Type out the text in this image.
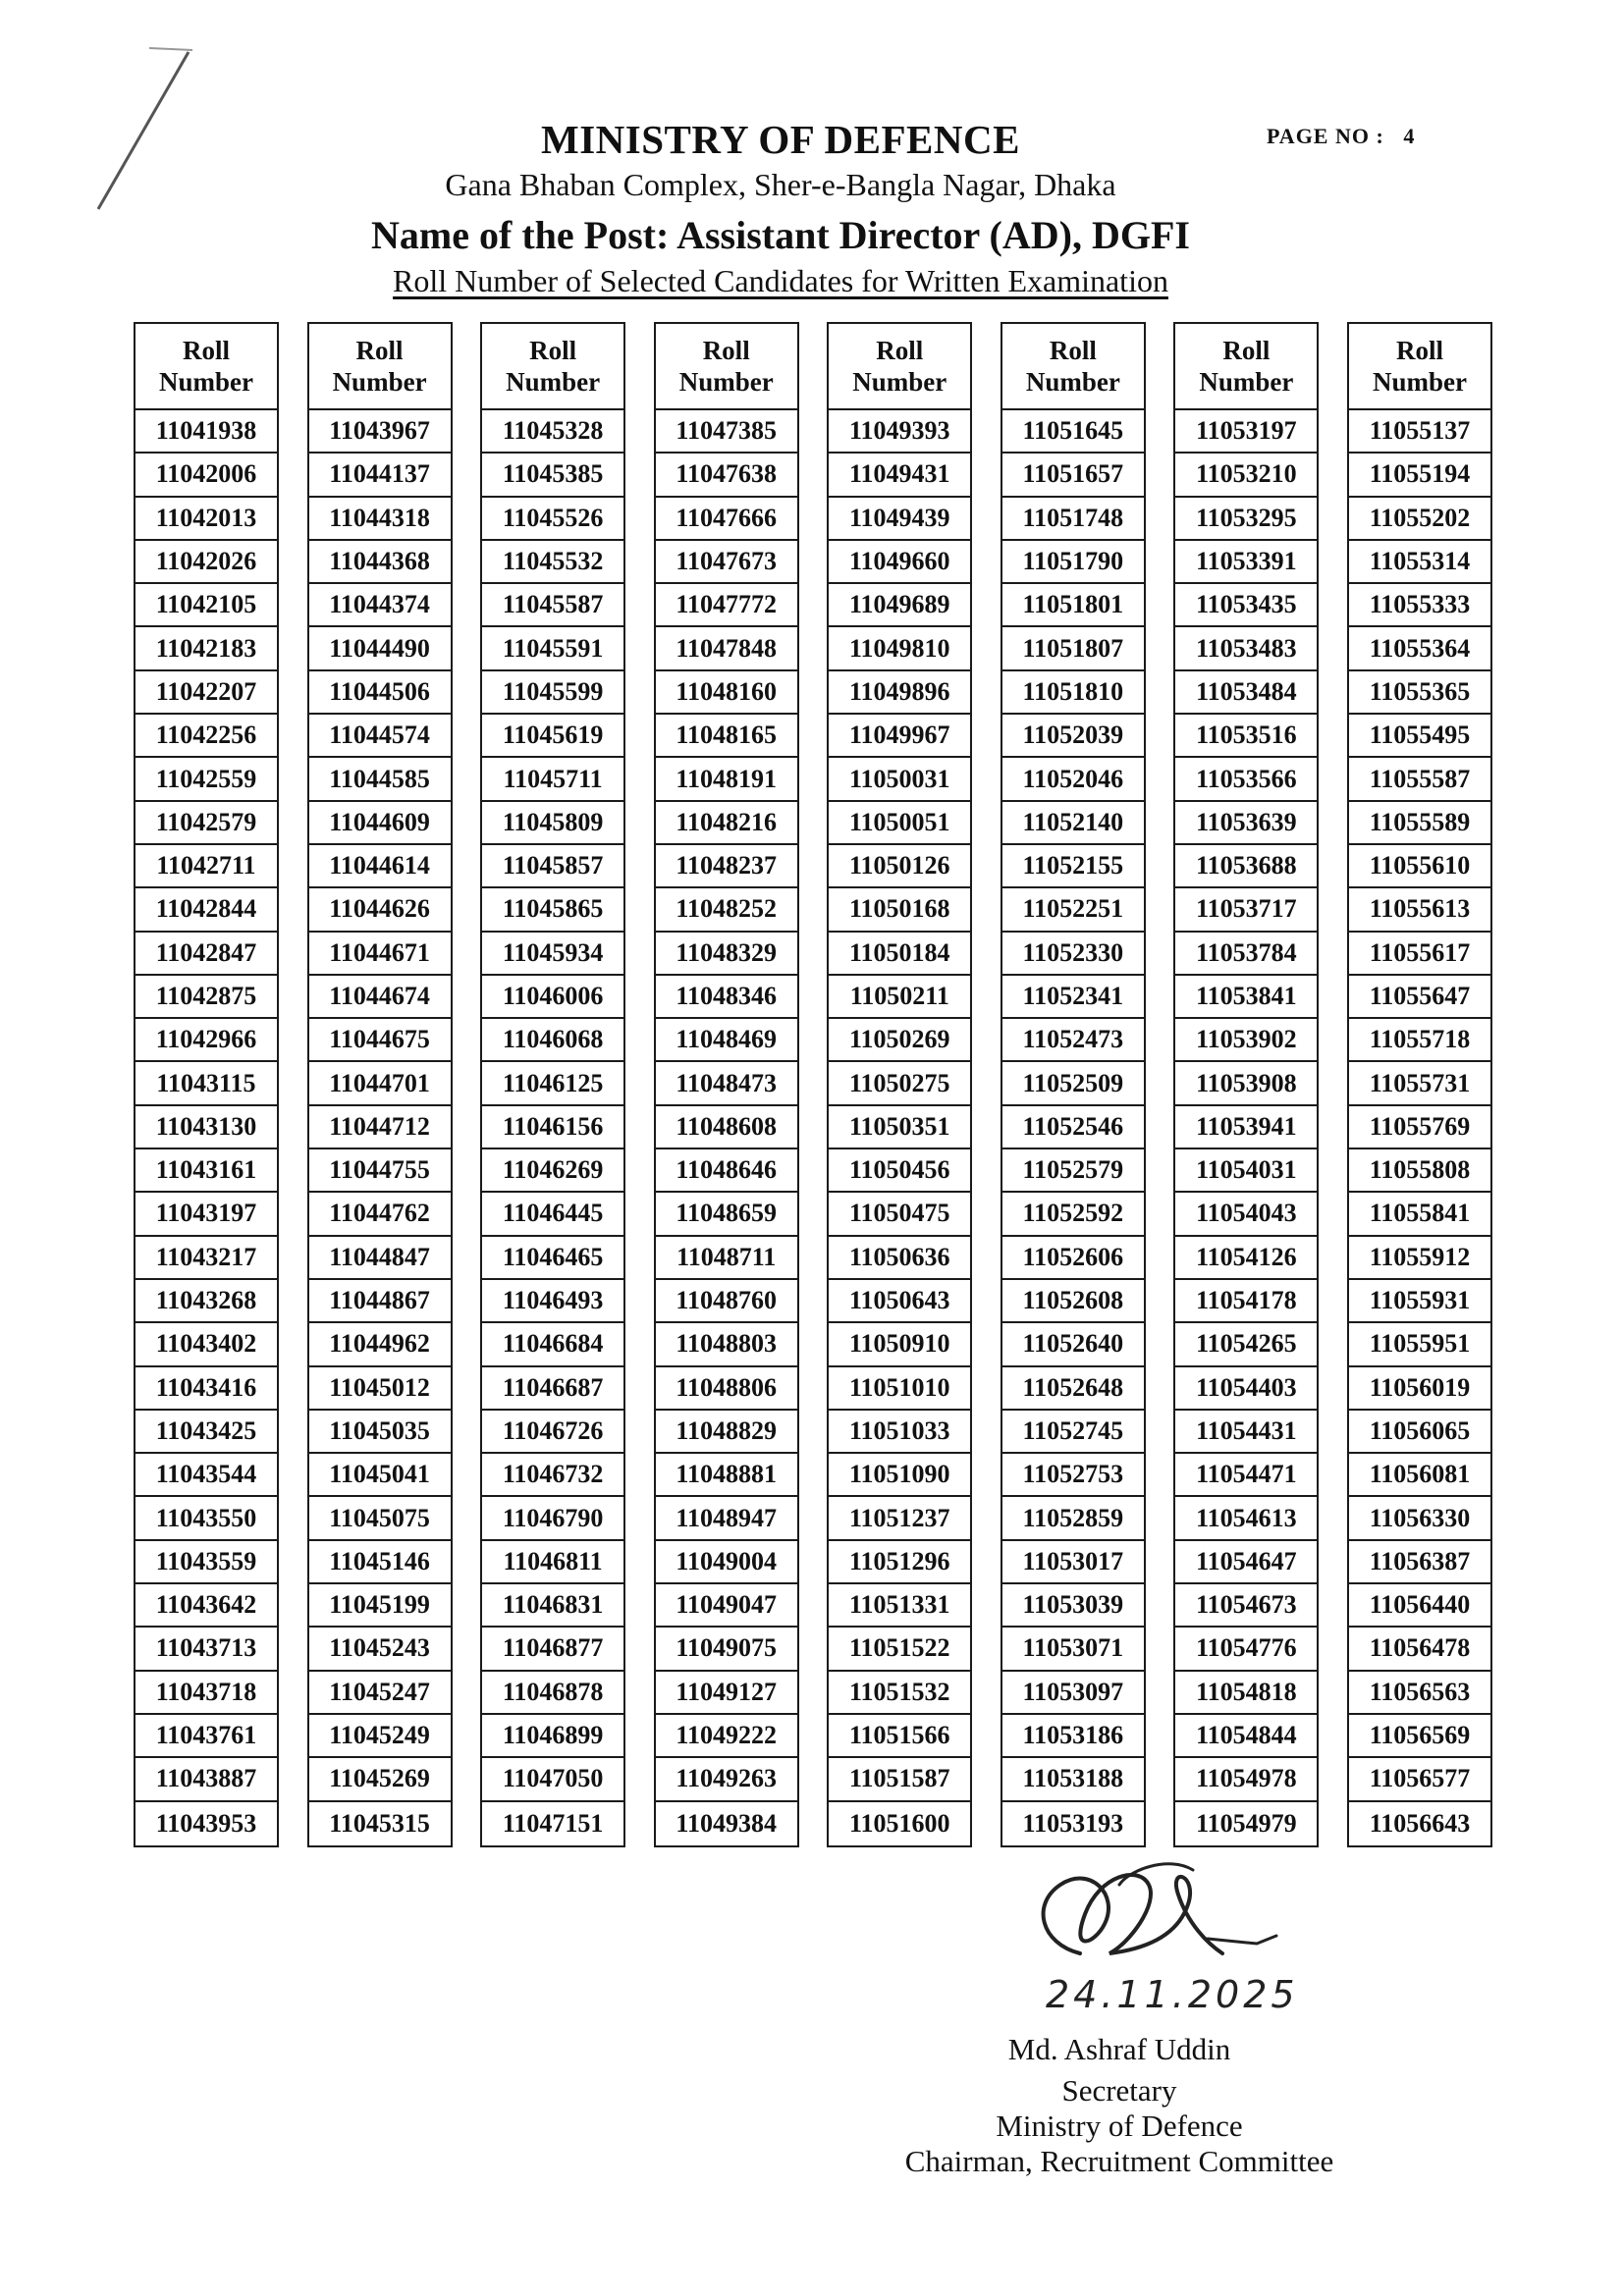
MINISTRY OF DEFENCE	PAGE NO : 4
Gana Bhaban Complex, Sher-e-Bangla Nagar, Dhaka
Name of the Post: Assistant Director (AD), DGFI
Roll Number of Selected Candidates for Written Examination
Roll
Number
11041938
11042006
11042013
11042026
11042105
11042183
11042207
11042256
11042559
11042579
11042711
11042844
11042847
11042875
11042966
11043115
11043130
11043161
11043197
11043217
11043268
11043402
11043416
11043425
11043544
11043550
11043559
11043642
11043713
11043718
11043761
11043887
11043953
Roll
Number
11043967
11044137
11044318
11044368
11044374
11044490
11044506
11044574
11044585
11044609
11044614
11044626
11044671
11044674
11044675
11044701
11044712
11044755
11044762
11044847
11044867
11044962
11045012
11045035
11045041
11045075
11045146
11045199
11045243
11045247
11045249
11045269
11045315
Roll
Number
11045328
11045385
11045526
11045532
11045587
11045591
11045599
11045619
11045711
11045809
11045857
11045865
11045934
11046006
11046068
11046125
11046156
11046269
11046445
11046465
11046493
11046684
11046687
11046726
11046732
11046790
11046811
11046831
11046877
11046878
11046899
11047050
11047151
Roll
Number
11047385
11047638
11047666
11047673
11047772
11047848
11048160
11048165
11048191
11048216
11048237
11048252
11048329
11048346
11048469
11048473
11048608
11048646
11048659
11048711
11048760
11048803
11048806
11048829
11048881
11048947
11049004
11049047
11049075
11049127
11049222
11049263
11049384
Roll
Number
11049393
11049431
11049439
11049660
11049689
11049810
11049896
11049967
11050031
11050051
11050126
11050168
11050184
11050211
11050269
11050275
11050351
11050456
11050475
11050636
11050643
11050910
11051010
11051033
11051090
11051237
11051296
11051331
11051522
11051532
11051566
11051587
11051600
Roll
Number
11051645
11051657
11051748
11051790
11051801
11051807
11051810
11052039
11052046
11052140
11052155
11052251
11052330
11052341
11052473
11052509
11052546
11052579
11052592
11052606
11052608
11052640
11052648
11052745
11052753
11052859
11053017
11053039
11053071
11053097
11053186
11053188
11053193
Roll
Number
11053197
11053210
11053295
11053391
11053435
11053483
11053484
11053516
11053566
11053639
11053688
11053717
11053784
11053841
11053902
11053908
11053941
11054031
11054043
11054126
11054178
11054265
11054403
11054431
11054471
11054613
11054647
11054673
11054776
11054818
11054844
11054978
11054979
Roll
Number
11055137
11055194
11055202
11055314
11055333
11055364
11055365
11055495
11055587
11055589
11055610
11055613
11055617
11055647
11055718
11055731
11055769
11055808
11055841
11055912
11055931
11055951
11056019
11056065
11056081
11056330
11056387
11056440
11056478
11056563
11056569
11056577
11056643
24.11.2025
Md. Ashraf Uddin
Secretary
Ministry of Defence
Chairman, Recruitment Committee
